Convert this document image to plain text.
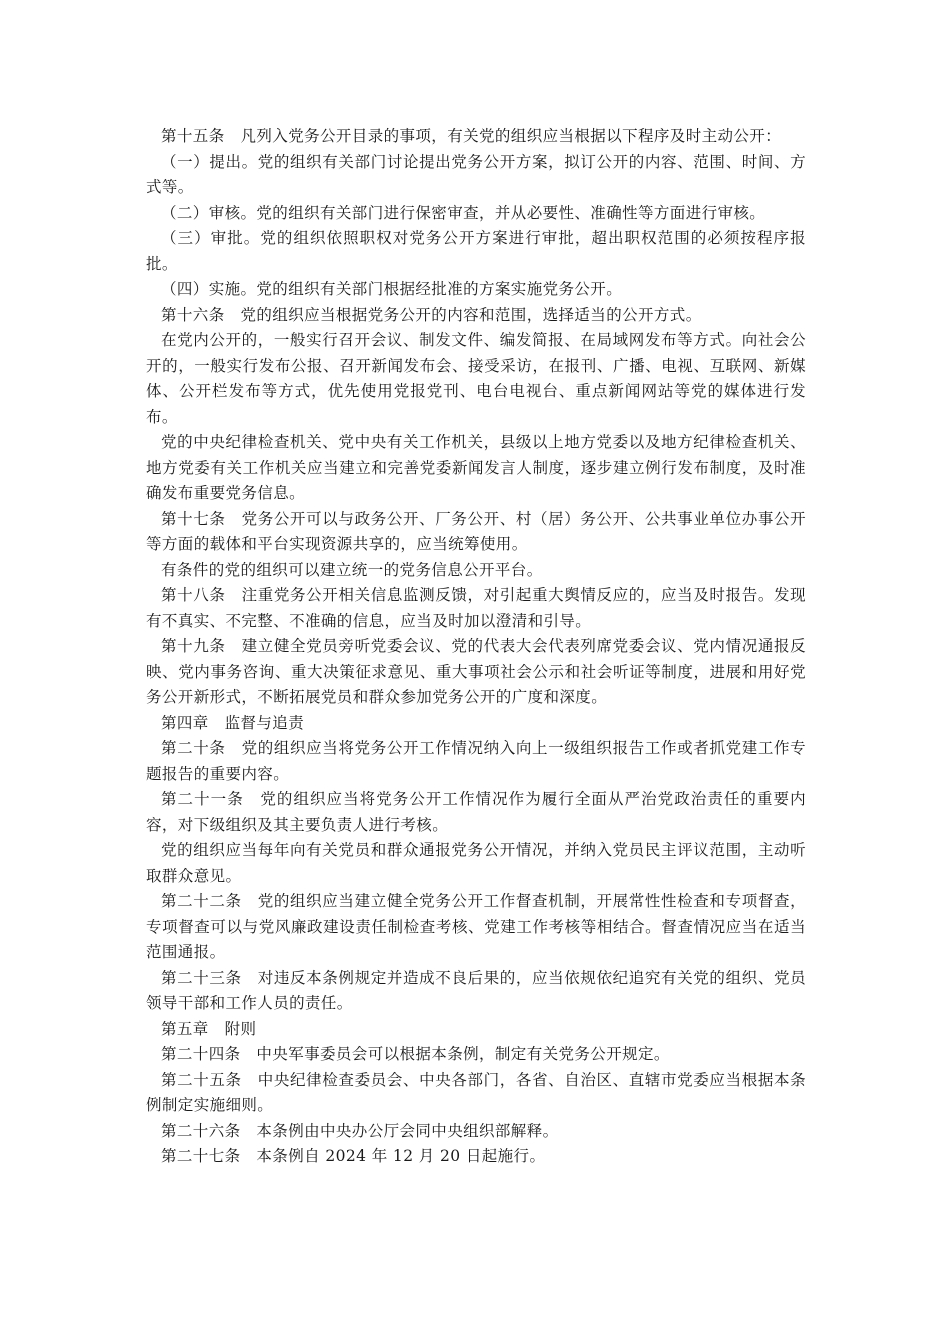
第十五条　凡列入党务公开目录的事项，有关党的组织应当根据以下程序及时主动公开：

（一）提出。党的组织有关部门讨论提出党务公开方案，拟订公开的内容、范围、时间、方式等。

（二）审核。党的组织有关部门进行保密审查，并从必要性、准确性等方面进行审核。

（三）审批。党的组织依照职权对党务公开方案进行审批，超出职权范围的必须按程序报批。

（四）实施。党的组织有关部门根据经批准的方案实施党务公开。

第十六条　党的组织应当根据党务公开的内容和范围，选择适当的公开方式。

在党内公开的，一般实行召开会议、制发文件、编发简报、在局域网发布等方式。向社会公开的，一般实行发布公报、召开新闻发布会、接受采访，在报刊、广播、电视、互联网、新媒体、公开栏发布等方式，优先使用党报党刊、电台电视台、重点新闻网站等党的媒体进行发布。

党的中央纪律检查机关、党中央有关工作机关，县级以上地方党委以及地方纪律检查机关、地方党委有关工作机关应当建立和完善党委新闻发言人制度，逐步建立例行发布制度，及时准确发布重要党务信息。

第十七条　党务公开可以与政务公开、厂务公开、村（居）务公开、公共事业单位办事公开等方面的载体和平台实现资源共享的，应当统筹使用。

有条件的党的组织可以建立统一的党务信息公开平台。

第十八条　注重党务公开相关信息监测反馈，对引起重大舆情反应的，应当及时报告。发现有不真实、不完整、不准确的信息，应当及时加以澄清和引导。

第十九条　建立健全党员旁听党委会议、党的代表大会代表列席党委会议、党内情况通报反映、党内事务咨询、重大决策征求意见、重大事项社会公示和社会听证等制度，进展和用好党务公开新形式，不断拓展党员和群众参加党务公开的广度和深度。

第四章　监督与追责

第二十条　党的组织应当将党务公开工作情况纳入向上一级组织报告工作或者抓党建工作专题报告的重要内容。

第二十一条　党的组织应当将党务公开工作情况作为履行全面从严治党政治责任的重要内容，对下级组织及其主要负责人进行考核。

党的组织应当每年向有关党员和群众通报党务公开情况，并纳入党员民主评议范围，主动听取群众意见。

第二十二条　党的组织应当建立健全党务公开工作督查机制，开展常性性检查和专项督查，专项督查可以与党风廉政建设责任制检查考核、党建工作考核等相结合。督查情况应当在适当范围通报。

第二十三条　对违反本条例规定并造成不良后果的，应当依规依纪追究有关党的组织、党员领导干部和工作人员的责任。

第五章　附则

第二十四条　中央军事委员会可以根据本条例，制定有关党务公开规定。

第二十五条　中央纪律检查委员会、中央各部门，各省、自治区、直辖市党委应当根据本条例制定实施细则。

第二十六条　本条例由中央办公厅会同中央组织部解释。

第二十七条　本条例自 2024 年 12 月 20 日起施行。
